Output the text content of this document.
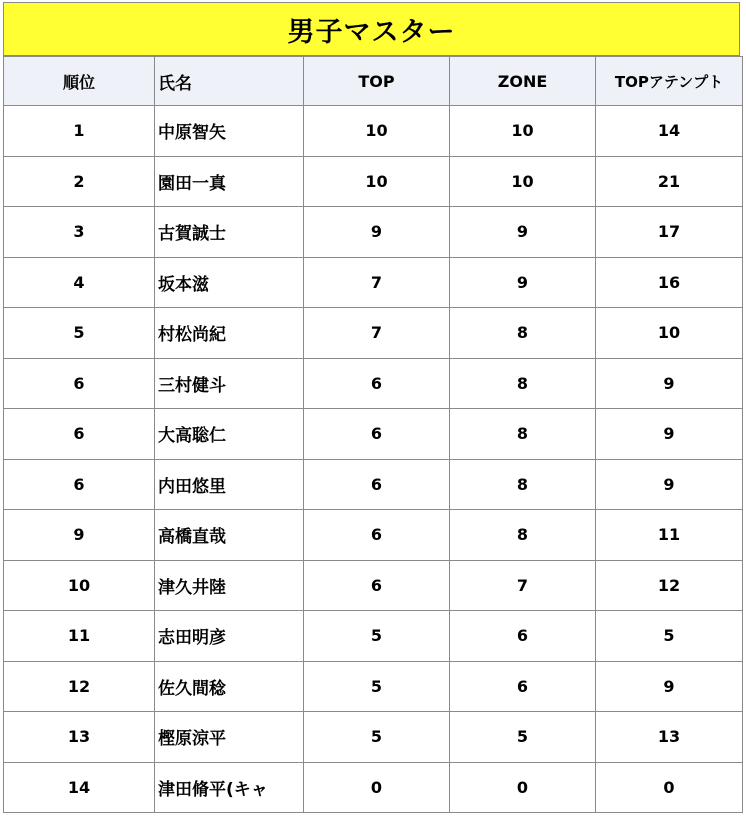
男子マスター
順位	氏名	TOP	ZONE	TOPアテンプト
1	中原智矢	10	10	14
2	園田一真	10	10	21
3	古賀誠士	9	9	17
4	坂本滋	7	9	16
5	村松尚紀	7	8	10
6	三村健斗	6	8	9
6	大高聡仁	6	8	9
6	内田悠里	6	8	9
9	高橋直哉	6	8	11
10	津久井陸	6	7	12
11	志田明彦	5	6	5
12	佐久間稔	5	6	9
13	樫原涼平	5	5	13
14	津田脩平(キャ	0	0	0
